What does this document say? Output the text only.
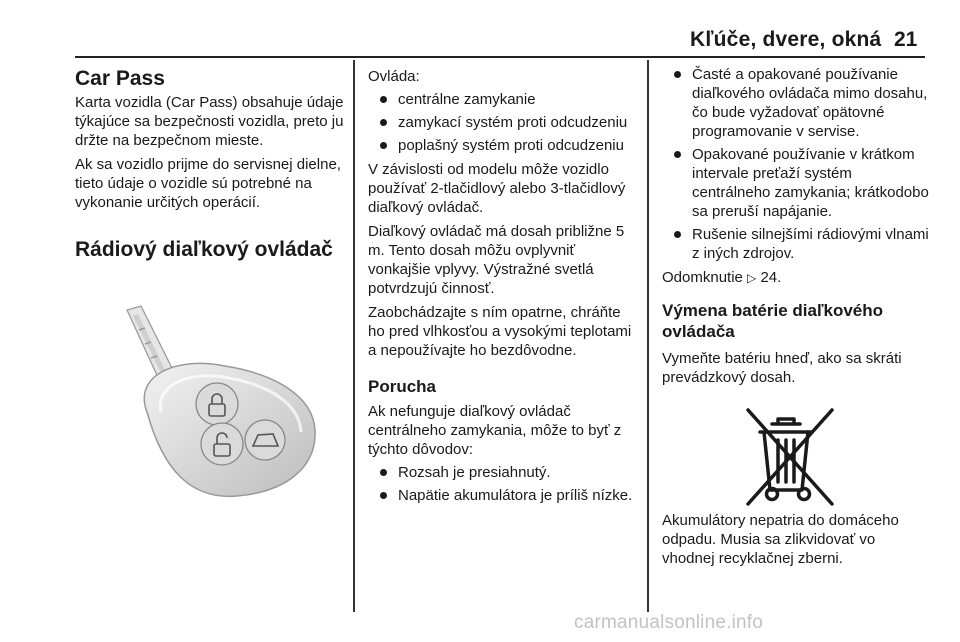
Kľúče, dvere, okná 21
Car Pass

Karta vozidla (Car Pass) obsahuje údaje týkajúce sa bezpečnosti vozidla, preto ju držte na bezpečnom mieste.

Ak sa vozidlo prijme do servisnej dielne, tieto údaje o vozidle sú potrebné na vykonanie určitých operácií.

Rádiový diaľkový ovládač

Ovláda:

centrálne zamykanie
zamykací systém proti odcudzeniu
poplašný systém proti odcudzeniu

V závislosti od modelu môže vozidlo používať 2-tlačidlový alebo 3-tlačidlový diaľkový ovládač.

Diaľkový ovládač má dosah približne 5 m. Tento dosah môžu ovplyvniť vonkajšie vplyvy. Výstražné svetlá potvrdzujú činnosť.

Zaobchádzajte s ním opatrne, chráňte ho pred vlhkosťou a vysokými teplotami a nepoužívajte ho bezdôvodne.

Porucha

Ak nefunguje diaľkový ovládač centrálneho zamykania, môže to byť z týchto dôvodov:

Rozsah je presiahnutý.
Napätie akumulátora je príliš nízke.
Časté a opakované používanie diaľkového ovládača mimo dosahu, čo bude vyžadovať opätovné programovanie v servise.
Opakované používanie v krátkom intervale preťaží systém centrálneho zamykania; krátkodobo sa preruší napájanie.
Rušenie silnejšími rádiovými vlnami z iných zdrojov.

Odomknutie ▷ 24.

Výmena batérie diaľkového
ovládača

Vymeňte batériu hneď, ako sa skráti prevádzkový dosah.

Akumulátory nepatria do domáceho odpadu. Musia sa zlikvidovať vo vhodnej recyklačnej zberni.

carmanualsonline.info
